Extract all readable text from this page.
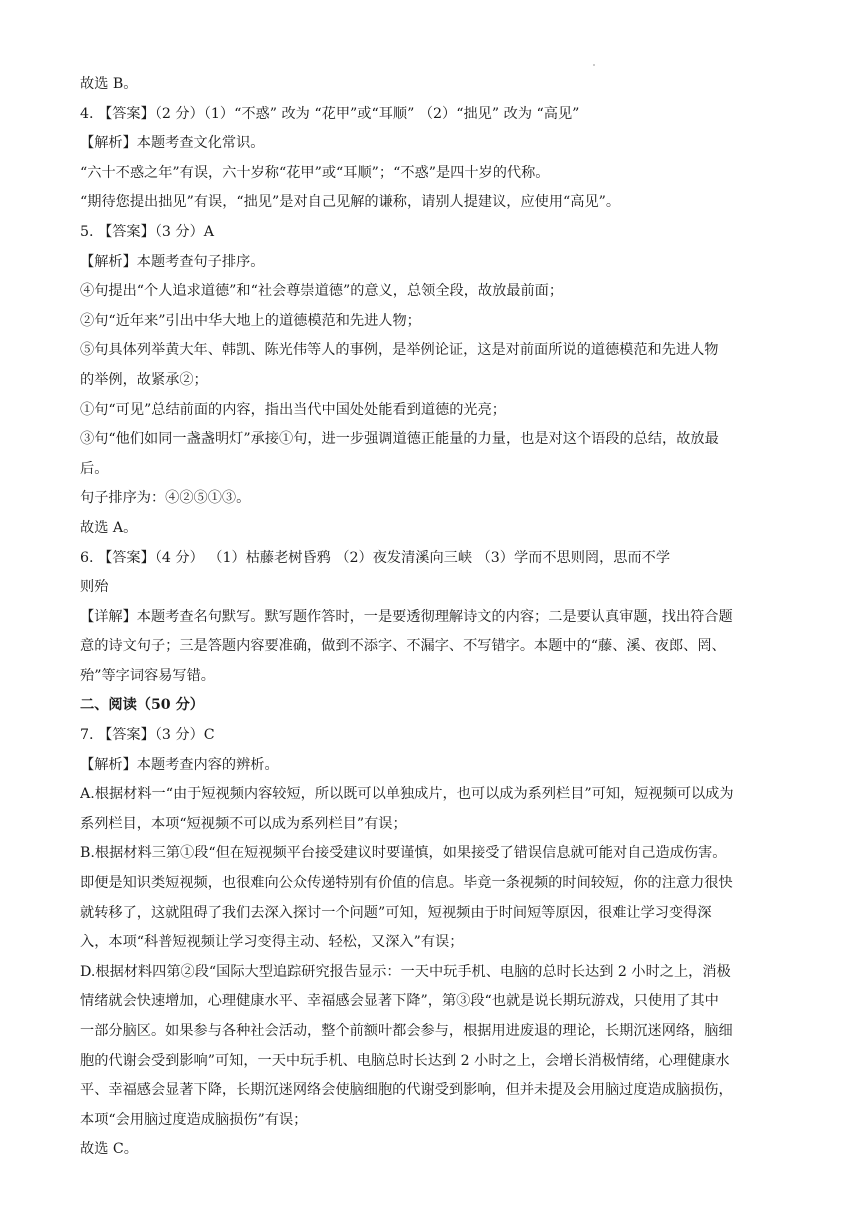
故选 B。
4. 【答案】（2 分）（1）“不惑” 改为 “花甲”或“耳顺” （2）“拙见” 改为 “高见”
【解析】本题考查文化常识。
“六十不惑之年”有误，六十岁称“花甲”或“耳顺”；“不惑”是四十岁的代称。
“期待您提出拙见”有误，“拙见”是对自己见解的谦称，请别人提建议，应使用“高见”。
5. 【答案】（3 分）A
【解析】本题考查句子排序。
④句提出“个人追求道德”和“社会尊崇道德”的意义，总领全段，故放最前面；
②句“近年来”引出中华大地上的道德模范和先进人物；
⑤句具体列举黄大年、韩凯、陈光伟等人的事例，是举例论证，这是对前面所说的道德模范和先进人物
的举例，故紧承②；
①句“可见”总结前面的内容，指出当代中国处处能看到道德的光亮；
③句“他们如同一盏盏明灯”承接①句，进一步强调道德正能量的力量，也是对这个语段的总结，故放最
后。
句子排序为：④②⑤①③。
故选 A。
6. 【答案】（4 分） （1）枯藤老树昏鸦 （2）夜发清溪向三峡 （3）学而不思则罔，思而不学
则殆
【详解】本题考查名句默写。默写题作答时，一是要透彻理解诗文的内容；二是要认真审题，找出符合题
意的诗文句子；三是答题内容要准确，做到不添字、不漏字、不写错字。本题中的“藤、溪、夜郎、罔、
殆”等字词容易写错。
二、阅读（50 分）
7. 【答案】（3 分）C
【解析】本题考查内容的辨析。
A.根据材料一“由于短视频内容较短，所以既可以单独成片，也可以成为系列栏目”可知，短视频可以成为
系列栏目，本项“短视频不可以成为系列栏目”有误；
B.根据材料三第①段“但在短视频平台接受建议时要谨慎，如果接受了错误信息就可能对自己造成伤害。
即便是知识类短视频，也很难向公众传递特别有价值的信息。毕竟一条视频的时间较短，你的注意力很快
就转移了，这就阻碍了我们去深入探讨一个问题”可知，短视频由于时间短等原因，很难让学习变得深
入，本项“科普短视频让学习变得主动、轻松，又深入”有误；
D.根据材料四第②段“国际大型追踪研究报告显示：一天中玩手机、电脑的总时长达到 2 小时之上，消极
情绪就会快速增加，心理健康水平、幸福感会显著下降”，第③段“也就是说长期玩游戏，只使用了其中
一部分脑区。如果参与各种社会活动，整个前额叶都会参与，根据用进废退的理论，长期沉迷网络，脑细
胞的代谢会受到影响”可知，一天中玩手机、电脑总时长达到 2 小时之上，会增长消极情绪，心理健康水
平、幸福感会显著下降，长期沉迷网络会使脑细胞的代谢受到影响，但并未提及会用脑过度造成脑损伤，
本项“会用脑过度造成脑损伤”有误；
故选 C。
